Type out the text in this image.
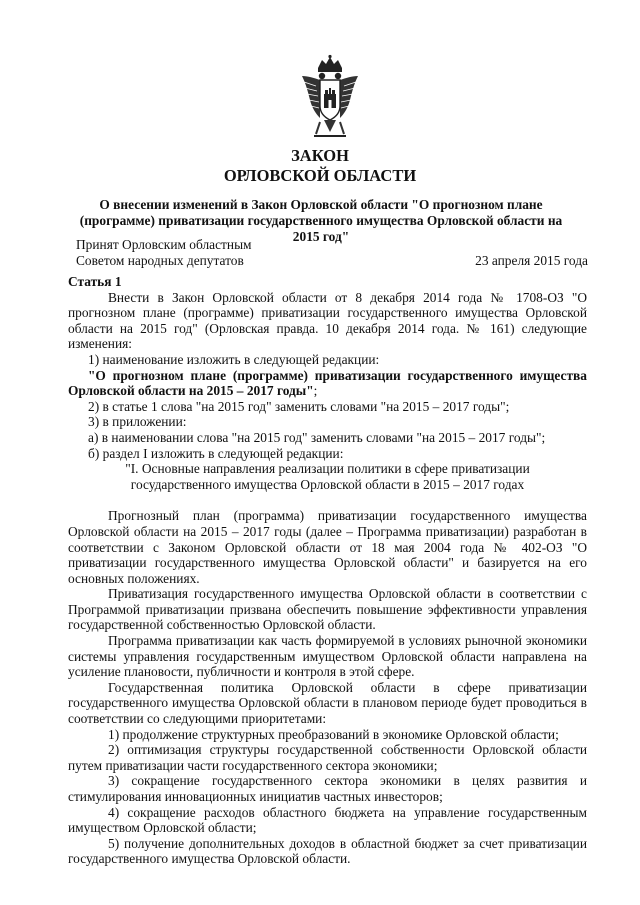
ЗАКОН
ОРЛОВСКОЙ ОБЛАСТИ
О внесении изменений в Закон Орловской области "О прогнозном плане (программе) приватизации государственного имущества Орловской области на 2015 год"
Принят Орловским областным
Советом народных депутатов	23 апреля 2015 года

Статья 1

Внести в Закон Орловской области от 8 декабря 2014 года № 1708-ОЗ "О прогнозном плане (программе) приватизации государственного имущества Орловской области на 2015 год" (Орловская правда. 10 декабря 2014 года. № 161) следующие изменения:

1) наименование изложить в следующей редакции:

"О прогнозном плане (программе) приватизации государственного имущества Орловской области на 2015 – 2017 годы";

2) в статье 1 слова "на 2015 год" заменить словами "на 2015 – 2017 годы";

3) в приложении:

а) в наименовании слова "на 2015 год" заменить словами "на 2015 – 2017 годы";

б) раздел I изложить в следующей редакции:

"I. Основные направления реализации политики в сфере приватизации государственного имущества Орловской области в 2015 – 2017 годах

Прогнозный план (программа) приватизации государственного имущества Орловской области на 2015 – 2017 годы (далее – Программа приватизации) разработан в соответствии с Законом Орловской области от 18 мая 2004 года № 402-ОЗ "О приватизации государственного имущества Орловской области" и базируется на его основных положениях.

Приватизация государственного имущества Орловской области в соответствии с Программой приватизации призвана обеспечить повышение эффективности управления государственной собственностью Орловской области.

Программа приватизации как часть формируемой в условиях рыночной экономики системы управления государственным имуществом Орловской области направлена на усиление плановости, публичности и контроля в этой сфере.

Государственная политика Орловской области в сфере приватизации государственного имущества Орловской области в плановом периоде будет проводиться в соответствии со следующими приоритетами:

1) продолжение структурных преобразований в экономике Орловской области;

2) оптимизация структуры государственной собственности Орловской области путем приватизации части государственного сектора экономики;

3) сокращение государственного сектора экономики в целях развития и стимулирования инновационных инициатив частных инвесторов;

4) сокращение расходов областного бюджета на управление государственным имуществом Орловской области;

5) получение дополнительных доходов в областной бюджет за счет приватизации государственного имущества Орловской области.
